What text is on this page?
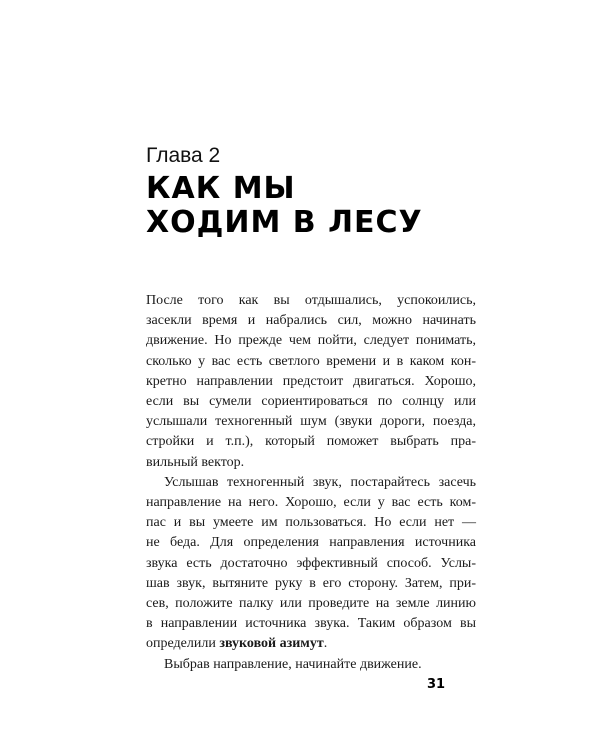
Глава 2
КАК МЫ
ХОДИМ В ЛЕСУ

После того как вы отдышались, успокоились,
засекли время и набрались сил, можно начинать
движение. Но прежде чем пойти, следует понимать,
сколько у вас есть светлого времени и в каком кон-
кретно направлении предстоит двигаться. Хорошо,
если вы сумели сориентироваться по солнцу или
услышали техногенный шум (звуки дороги, поезда,
стройки и т.п.), который поможет выбрать пра-
вильный вектор.

Услышав техногенный звук, постарайтесь засечь
направление на него. Хорошо, если у вас есть ком-
пас и вы умеете им пользоваться. Но если нет —
не беда. Для определения направления источника
звука есть достаточно эффективный способ. Услы-
шав звук, вытяните руку в его сторону. Затем, при-
сев, положите палку или проведите на земле линию
в направлении источника звука. Таким образом вы
определили звуковой азимут.

Выбрав направление, начинайте движение.

31
